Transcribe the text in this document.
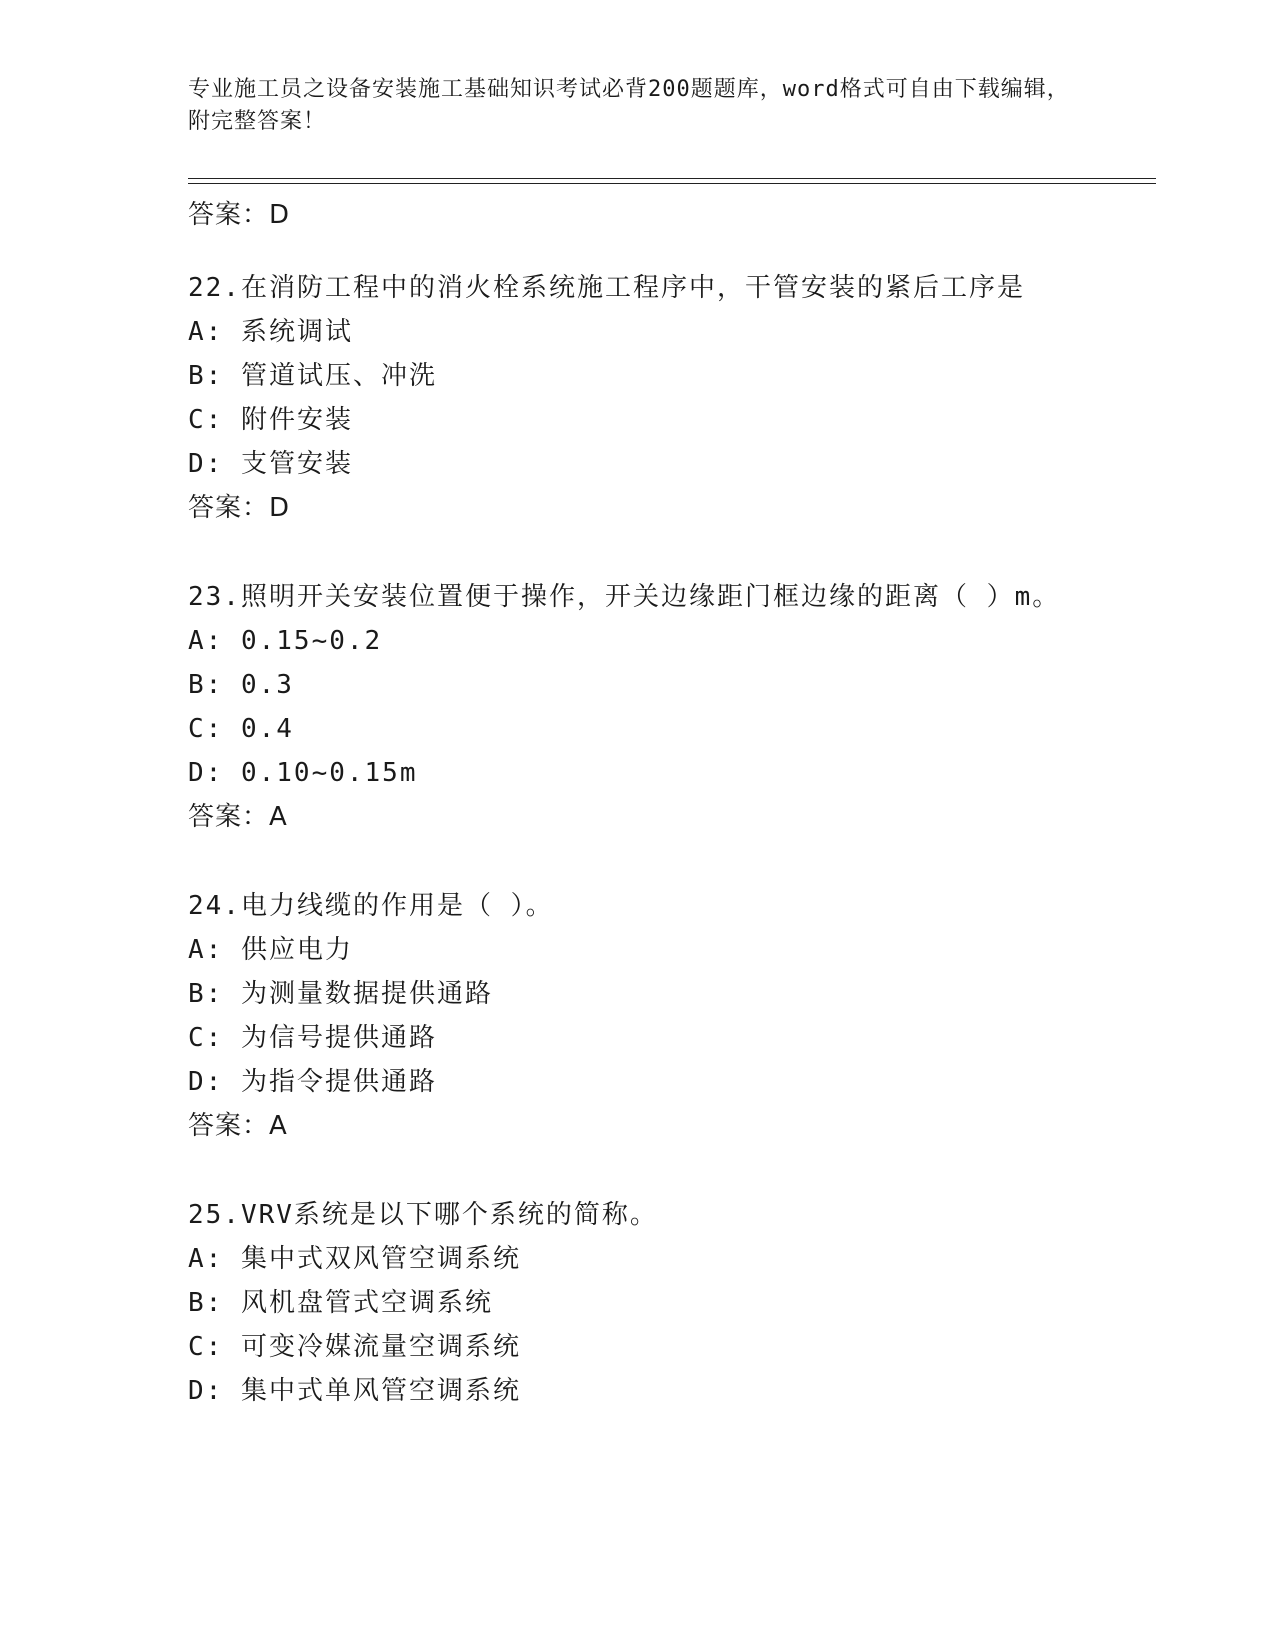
专业施工员之设备安装施工基础知识考试必背200题题库，word格式可自由下载编辑，附完整答案！
答案：D
22.在消防工程中的消火栓系统施工程序中，干管安装的紧后工序是
A: 系统调试
B: 管道试压、冲洗
C: 附件安装
D: 支管安装
答案：D
23.照明开关安装位置便于操作，开关边缘距门框边缘的距离（ ）m。
A: 0.15~0.2
B: 0.3
C: 0.4
D: 0.10~0.15m
答案：A
24.电力线缆的作用是（ ）。
A: 供应电力
B: 为测量数据提供通路
C: 为信号提供通路
D: 为指令提供通路
答案：A
25.VRV系统是以下哪个系统的简称。
A: 集中式双风管空调系统
B: 风机盘管式空调系统
C: 可变冷媒流量空调系统
D: 集中式单风管空调系统
